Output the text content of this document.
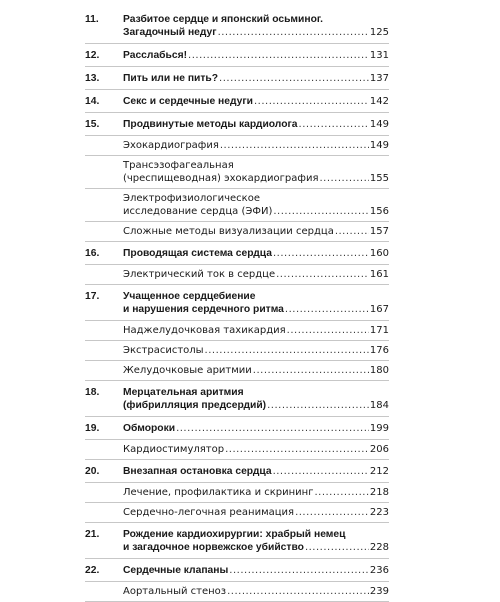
11.	Разбитое сердце и японский осьминог.
Загадочный недуг .....	125
12.	Расслабься! .....	131
13.	Пить или не пить? .....	137
14.	Секс и сердечные недуги .....	142
15.	Продвинутые методы кардиолога .....	149
Эхокардиография .....	149
Трансэзофагеальная
(чреспищеводная) эхокардиография .....	155
Электрофизиологическое
исследование сердца (ЭФИ) .....	156
Сложные методы визуализации сердца .....	157
16.	Проводящая система сердца .....	160
Электрический ток в сердце .....	161
17.	Учащенное сердцебиение
и нарушения сердечного ритма .....	167
Наджелудочковая тахикардия .....	171
Экстрасистолы .....	176
Желудочковые аритмии .....	180
18.	Мерцательная аритмия
(фибрилляция предсердий) .....	184
19.	Обмороки .....	199
Кардиостимулятор .....	206
20.	Внезапная остановка сердца .....	212
Лечение, профилактика и скрининг .....	218
Сердечно-легочная реанимация .....	223
21.	Рождение кардиохирургии: храбрый немец
и загадочное норвежское убийство .....	228
22.	Сердечные клапаны .....	236
Аортальный стеноз .....	239
